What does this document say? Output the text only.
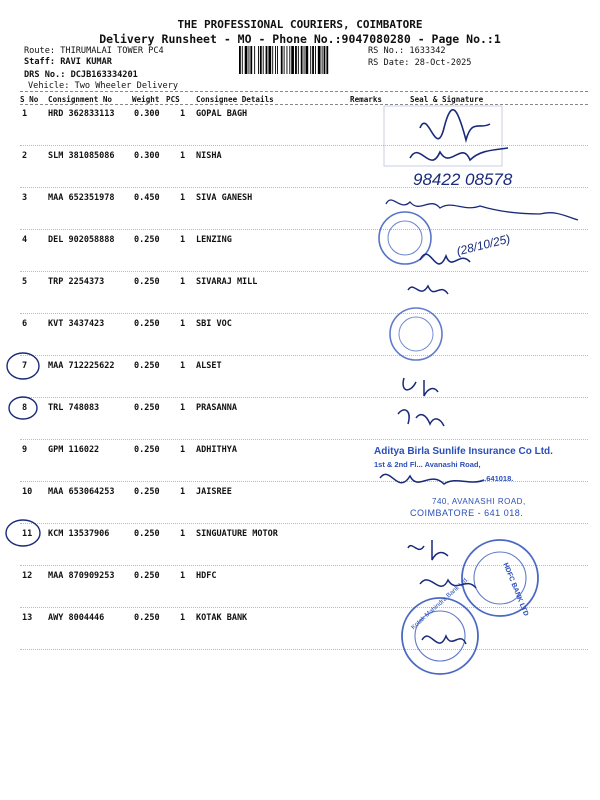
THE PROFESSIONAL COURIERS, COIMBATORE
Delivery Runsheet - MO - Phone No.:9047080280 - Page No.:1
Route: THIRUMALAI TOWER PC4
Staff: RAVI KUMAR
DRS No.: DCJB163334201
Vehicle: Two Wheeler Delivery
RS No.: 1633342
RS Date: 28-Oct-2025
S No Consignment No	Weight PCS Consignee Details	Remarks	Seal & Signature
1 HRD 362833113 0.300 1 GOPAL BAGH
2 SLM 381085086 0.300 1 NISHA
3 MAA 652351978 0.450 1 SIVA GANESH
4 DEL 902058888 0.250 1 LENZING
5 TRP 2254373	0.250 1 SIVARAJ MILL
6 KVT 3437423	0.250 1 SBI VOC
7 MAA 712225622 0.250 1 ALSET
8 TRL 748083	0.250 1 PRASANNA
9 GPM 116022	0.250 1 ADHITHYA
10 MAA 653064253 0.250 1 JAISREE
11 KCM 13537906	0.250 1 SINGUATURE MOTOR
12 MAA 870909253 0.250 1 HDFC
13 AWY 8004446	0.250 1 KOTAK BANK
98422 08578
(28/10/25)
Aditya Birla Sunlife Insurance Co Ltd.
1st & 2nd Fl... Avanashi Road,
...641018.
740, AVANASHI ROAD,
COIMBATORE - 641 018.
HDFC BANK LTD
Kotak Mahindra Bank Ltd.
